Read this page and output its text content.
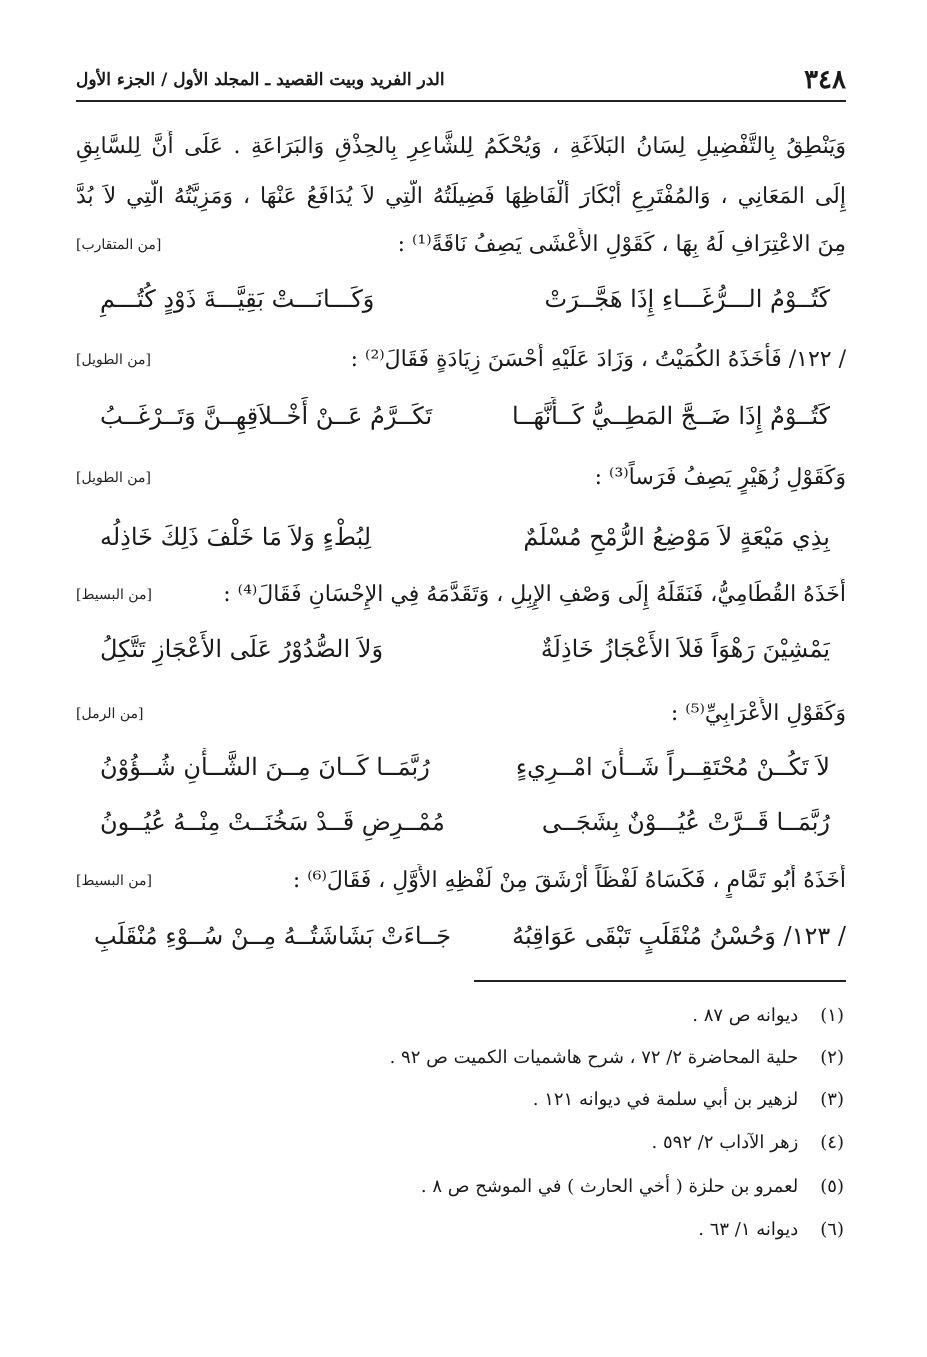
٣٤٨
الدر الفريد وبيت القصيد ـ المجلد الأول / الجزء الأول
وَيَنْطِقُ بِالتَّفْضِيلِ لِسَانُ البَلاَغَةِ ، وَيُحْكَمُ لِلشَّاعِرِ بِالحِذْقِ وَالبَرَاعَةِ . عَلَى أَنَّ لِلسَّابِقِ
إِلَى المَعَانِي ، وَالمُفْتَرِعِ أَبْكَارَ أَلْفَاظِهَا فَضِيلَتُهُ الَّتِي لاَ يُدَافَعُ عَنْهَا ، وَمَزِيَّتُهُ الَّتِي لاَ بُدَّ
مِنَ الاعْتِرَافِ لَهُ بِهَا ، كَقَوْلِ الأَعْشَى يَصِفُ نَاقَةً⁽¹⁾ :
[من المتقارب]
كَتُــوْمُ الـــرُّغَـــاءِ إِذَا هَجَّــرَتْ
وَكَـــانَـــتْ بَقِيَّـــةَ ذَوْدٍ كُتُـــمِ
/ ١٢٢/ فَأَخَذَهُ الكُمَيْتُ ، وَزَادَ عَلَيْهِ أَحْسَنَ زِيَادَةٍ فَقَالَ⁽²⁾ :
[من الطويل]
كَتُــوْمٌ إِذَا ضَــجَّ المَطِــيُّ كَــأَنَّهَــا
تَكَــرَّمُ عَــنْ أَخْــلاَقِهِــنَّ وَتَــرْغَــبُ
وَكَقَوْلِ زُهَيْرٍ يَصِفُ فَرَساً⁽³⁾ :
[من الطويل]
بِذِي مَيْعَةٍ لاَ مَوْضِعُ الرُّمْحِ مُسْلَمٌ
لِبُطْءٍ وَلاَ مَا خَلْفَ ذَلِكَ خَاذِلُه
أَخَذَهُ القُطَامِيُّ، فَنَقَلَهُ إِلَى وَصْفِ الإِبِلِ ، وَتَقَدَّمَهُ فِي الإِحْسَانِ فَقَالَ⁽⁴⁾ :
[من البسيط]
يَمْشِيْنَ رَهْوَاً فَلاَ الأَعْجَازُ خَاذِلَةٌ
وَلاَ الصُّدُوْرُ عَلَى الأَعْجَازِ تَتَّكِلُ
وَكَقَوْلِ الأَعْرَابِيِّ⁽⁵⁾ :
[من الرمل]
لاَ تَكُــنْ مُحْتَقِــراً شَــأْنَ امْــرِيءٍ
رُبَّمَــا كَــانَ مِــنَ الشَّــأْنِ شُــؤُوْنُ
رُبَّمَــا قَــرَّتْ عُيُـــوْنٌ بِشَجَــى
مُمْــرِضٍ قَــدْ سَخُنَــتْ مِنْــهُ عُيُــونُ
أَخَذَهُ أَبُو تَمَّامٍ ، فَكَسَاهُ لَفْظَاً أَرْشَقَ مِنْ لَفْظِهِ الأَوَّلِ ، فَقَالَ⁽⁶⁾ :
[من البسيط]
/ ١٢٣/ وَحُسْنُ مُنْقَلَبٍ تَبْقَى عَوَاقِبُهُ
جَــاءَتْ بَشَاشَتُــهُ مِــنْ سُــوْءِ مُنْقَلَبِ
(١) ديوانه ص ٨٧ .
(٢) حلية المحاضرة ٢/ ٧٢ ، شرح هاشميات الكميت ص ٩٢ .
(٣) لزهير بن أبي سلمة في ديوانه ١٢١ .
(٤) زهر الآداب ٢/ ٥٩٢ .
(٥) لعمرو بن حلزة ( أخي الحارث ) في الموشح ص ٨ .
(٦) ديوانه ١/ ٦٣ .
